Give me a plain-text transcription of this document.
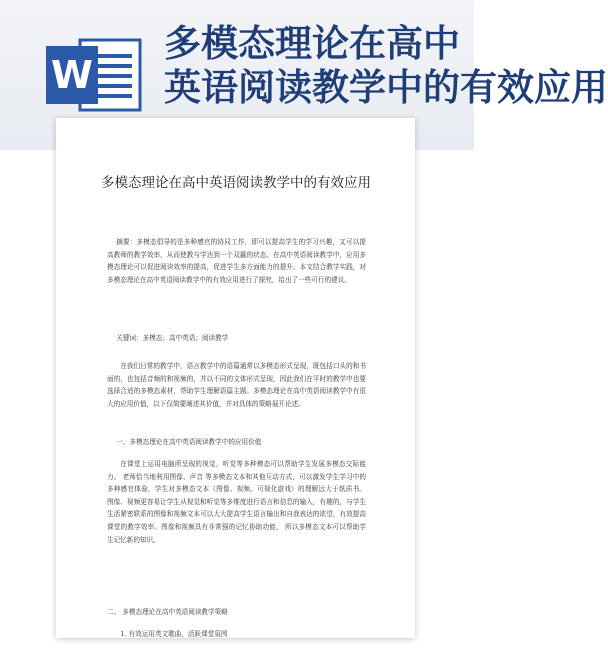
W
多模态理论在高中
英语阅读教学中的有效应用
多模态理论在高中英语阅读教学中的有效应用
摘要：多模态倡导的是多种感官的协同工作，即可以提高学生的学习兴趣，又可以提高教师的教学效率，从而使教与学达到一个双赢的状态。在高中英语阅读教学中，应用多模态理论可以促进阅读效率的提高，促进学生多方面能力的提升。本文结合教学实践，对多模态理论在高中英语阅读教学中的有效应用进行了探究，给出了一些可行的建议。
关键词：多模态；高中英语；阅读教学
在我们日常的教学中，语言教学中的语篇通常以多模态形式呈现，既包括口头的和书面的，也包括音频的和视频的，并以不同的文体形式呈现，因此我们在平时的教学中也要选择合适的多模态素材，帮助学生理解语篇主题。多模态理论在高中英语阅读教学中有很大的应用价值，以下仅简要阐述其价值，并对具体的策略展开论述。
一、多模态理论在高中英语阅读教学中的应用价值
在课堂上运用电脑所呈现的视觉，听觉等多种模态可以帮助学生发展多模态交际能力。 老师恰当地利用图像、声音 等多模态文本和其他互动方式，可以激发学生学习中的多种感官体验，学生对多模态文本（图像、视频、可视化游戏）的理解远大于纸质书。 图像、视频更容易让学生从视觉和听觉等多维度进行语言和信息的输入，有趣的，与学生生活紧密联系的图像和视频文本可以大大提高学生语言输出和自我表达的欲望，有效提高课堂的教学效率。图像和视频具有非常强的记忆协助功能， 所以多模态文本可以帮助学生记忆新的知识。
二、 多模态理论在高中英语阅读教学策略
1. 有效运用英文歌曲，活跃课堂氛围
